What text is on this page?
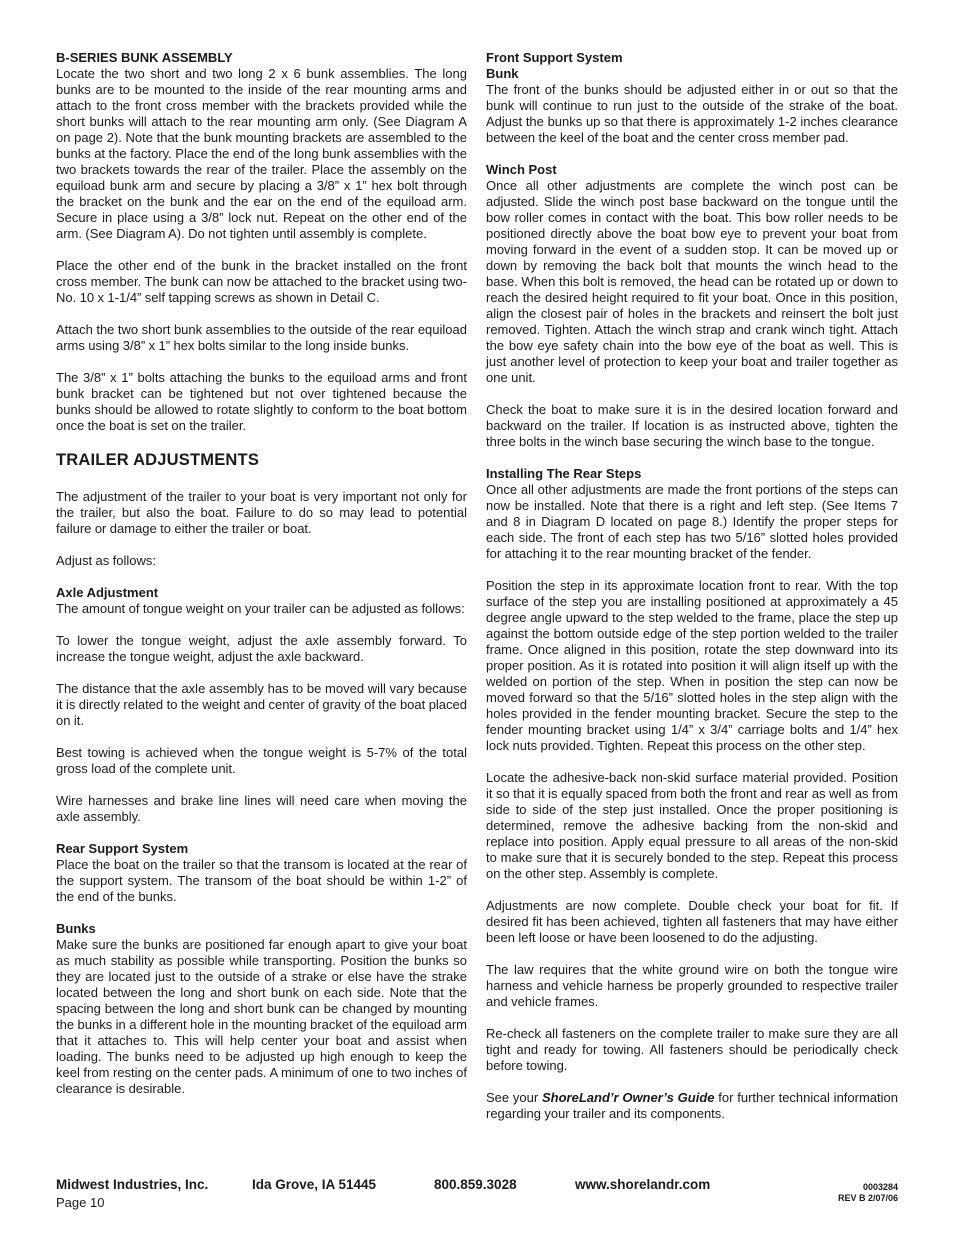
B-SERIES BUNK ASSEMBLY

Locate the two short and two long 2 x 6 bunk assemblies. The long bunks are to be mounted to the inside of the rear mounting arms and attach to the front cross member with the brackets provided while the short bunks will attach to the rear mounting arm only. (See Diagram A on page 2). Note that the bunk mounting brackets are assembled to the bunks at the factory. Place the end of the long bunk assemblies with the two brackets towards the rear of the trailer. Place the assembly on the equiload bunk arm and secure by placing a 3/8” x 1” hex bolt through the bracket on the bunk and the ear on the end of the equiload arm. Secure in place using a 3/8” lock nut. Repeat on the other end of the arm. (See Diagram A). Do not tighten until assembly is complete.

Place the other end of the bunk in the bracket installed on the front cross member. The bunk can now be attached to the bracket using two- No. 10 x 1-1/4” self tapping screws as shown in Detail C.

Attach the two short bunk assemblies to the outside of the rear equiload arms using 3/8” x 1” hex bolts similar to the long inside bunks.

The 3/8” x 1” bolts attaching the bunks to the equiload arms and front bunk bracket can be tightened but not over tightened because the bunks should be allowed to rotate slightly to conform to the boat bottom once the boat is set on the trailer.

TRAILER ADJUSTMENTS

The adjustment of the trailer to your boat is very important not only for the trailer, but also the boat. Failure to do so may lead to potential failure or damage to either the trailer or boat.

Adjust as follows:

Axle Adjustment

The amount of tongue weight on your trailer can be adjusted as follows:

To lower the tongue weight, adjust the axle assembly forward. To increase the tongue weight, adjust the axle backward.

The distance that the axle assembly has to be moved will vary because it is directly related to the weight and center of gravity of the boat placed on it.

Best towing is achieved when the tongue weight is 5-7% of the total gross load of the complete unit.

Wire harnesses and brake line lines will need care when moving the axle assembly.

Rear Support System

Place the boat on the trailer so that the transom is located at the rear of the support system. The transom of the boat should be within 1-2” of the end of the bunks.

Bunks

Make sure the bunks are positioned far enough apart to give your boat as much stability as possible while transporting. Position the bunks so they are located just to the outside of a strake or else have the strake located between the long and short bunk on each side. Note that the spacing between the long and short bunk can be changed by mounting the bunks in a different hole in the mounting bracket of the equiload arm that it attaches to. This will help center your boat and assist when loading. The bunks need to be adjusted up high enough to keep the keel from resting on the center pads. A minimum of one to two inches of clearance is desirable.

Front Support System
Bunk

The front of the bunks should be adjusted either in or out so that the bunk will continue to run just to the outside of the strake of the boat. Adjust the bunks up so that there is approximately 1-2 inches clearance between the keel of the boat and the center cross member pad.

Winch Post

Once all other adjustments are complete the winch post can be adjusted. Slide the winch post base backward on the tongue until the bow roller comes in contact with the boat. This bow roller needs to be positioned directly above the boat bow eye to prevent your boat from moving forward in the event of a sudden stop. It can be moved up or down by removing the back bolt that mounts the winch head to the base. When this bolt is removed, the head can be rotated up or down to reach the desired height required to fit your boat. Once in this position, align the closest pair of holes in the brackets and reinsert the bolt just removed. Tighten. Attach the winch strap and crank winch tight. Attach the bow eye safety chain into the bow eye of the boat as well. This is just another level of protection to keep your boat and trailer together as one unit.

Check the boat to make sure it is in the desired location forward and backward on the trailer. If location is as instructed above, tighten the three bolts in the winch base securing the winch base to the tongue.

Installing The Rear Steps

Once all other adjustments are made the front portions of the steps can now be installed. Note that there is a right and left step. (See Items 7 and 8 in Diagram D located on page 8.) Identify the proper steps for each side. The front of each step has two 5/16” slotted holes provided for attaching it to the rear mounting bracket of the fender.

Position the step in its approximate location front to rear. With the top surface of the step you are installing positioned at approximately a 45 degree angle upward to the step welded to the frame, place the step up against the bottom outside edge of the step portion welded to the trailer frame. Once aligned in this position, rotate the step downward into its proper position. As it is rotated into position it will align itself up with the welded on portion of the step. When in position the step can now be moved forward so that the 5/16” slotted holes in the step align with the holes provided in the fender mounting bracket. Secure the step to the fender mounting bracket using 1/4” x 3/4” carriage bolts and 1/4” hex lock nuts provided. Tighten. Repeat this process on the other step.

Locate the adhesive-back non-skid surface material provided. Position it so that it is equally spaced from both the front and rear as well as from side to side of the step just installed. Once the proper positioning is determined, remove the adhesive backing from the non-skid and replace into position. Apply equal pressure to all areas of the non-skid to make sure that it is securely bonded to the step. Repeat this process on the other step. Assembly is complete.

Adjustments are now complete. Double check your boat for fit. If desired fit has been achieved, tighten all fasteners that may have either been left loose or have been loosened to do the adjusting.

The law requires that the white ground wire on both the tongue wire harness and vehicle harness be properly grounded to respective trailer and vehicle frames.

Re-check all fasteners on the complete trailer to make sure they are all tight and ready for towing. All fasteners should be periodically check before towing.

See your ShoreLand’r Owner’s Guide for further technical information regarding your trailer and its components.

Midwest Industries, Inc.	Ida Grove, IA 51445	800.859.3028	www.shorelandr.com
Page 10
0003284
REV B 2/07/06
